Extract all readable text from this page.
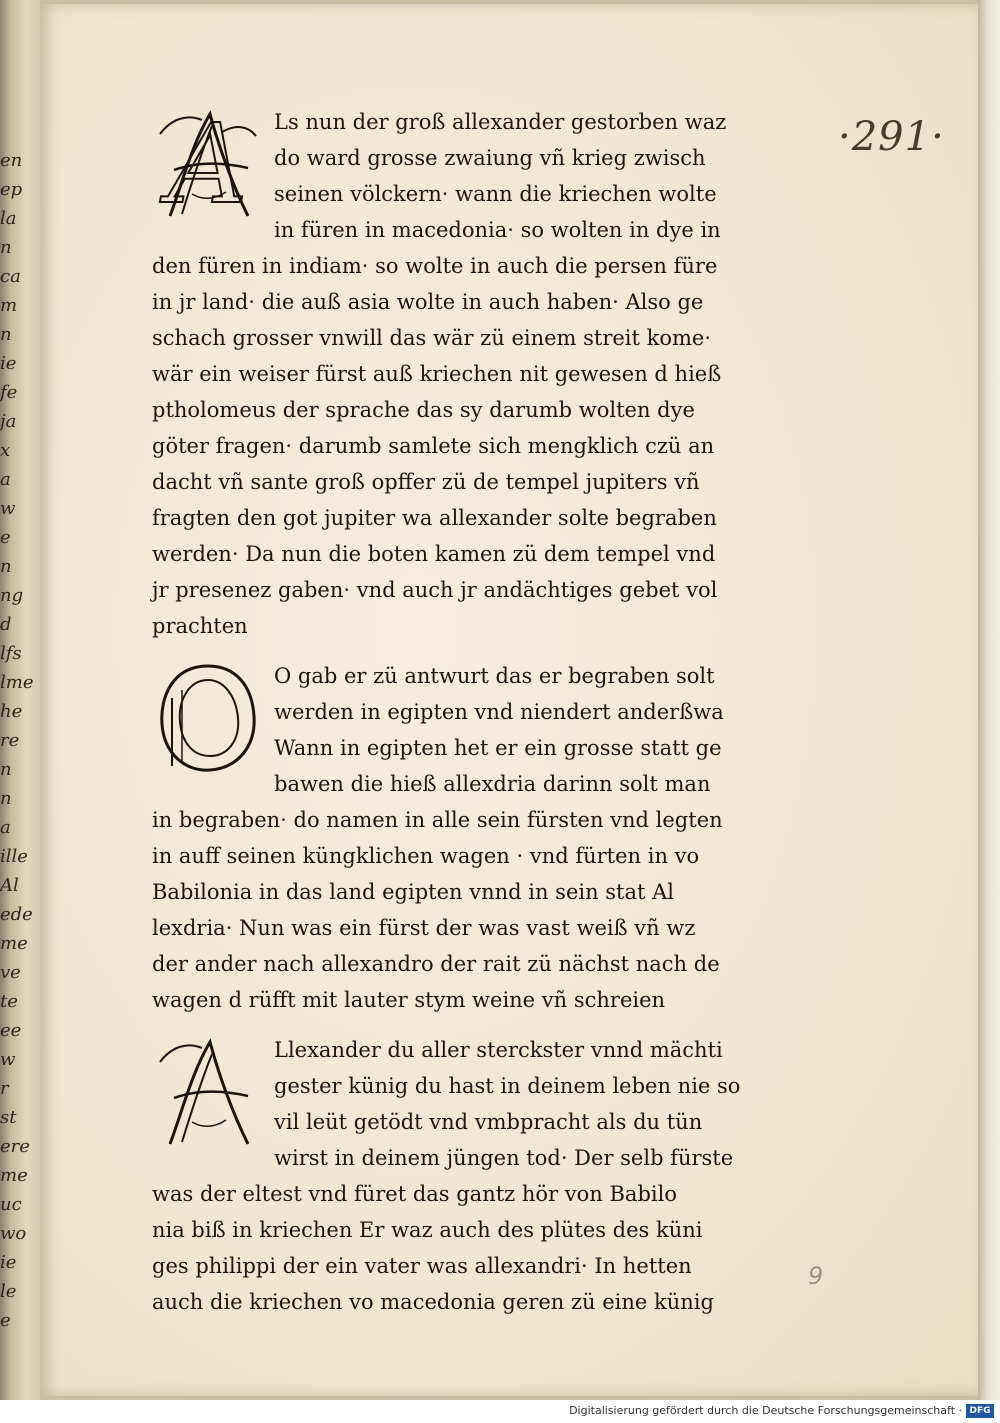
en
ep
la
n
ca
m
n
ie
fe
ja
x
a
w
e
n
ng
d
lfs
lme
he
re
n
n
a
ille
Al
ede
me
ve
te
ee
w
r
st
ere
me
uc
wo
ie
le
e
·291·
A	Ls nun der groß allexander gestorben waz
do ward grosse zwaiung vñ krieg zwisch
seinen völckern· wann die kriechen wolte
in füren in macedonia· so wolten in dye in
den füren in indiam· so wolte in auch die persen füre
in jr land· die auß asia wolte in auch haben· Also ge
schach grosser vnwill das wär zü einem streit kome·
wär ein weiser fürst auß kriechen nit gewesen d hieß
ptholomeus der sprache das sy darumb wolten dye
göter fragen· darumb samlete sich mengklich czü an
dacht vñ sante groß opffer zü de tempel jupiters vñ
fragten den got jupiter wa allexander solte begraben
werden· Da nun die boten kamen zü dem tempel vnd
jr presenez gaben· vnd auch jr andächtiges gebet vol
prachten
O gab er zü antwurt das er begraben solt
werden in egipten vnd niendert anderßwa
Wann in egipten het er ein grosse statt ge
bawen die hieß allexdria darinn solt man
in begraben· do namen in alle sein fürsten vnd legten
in auff seinen küngklichen wagen · vnd fürten in vo
Babilonia in das land egipten vnnd in sein stat Al
lexdria· Nun was ein fürst der was vast weiß vñ wz
der ander nach allexandro der rait zü nächst nach de
wagen d rüfft mit lauter stym weine vñ schreien
Llexander du aller sterckster vnnd mächti
gester künig du hast in deinem leben nie so
vil leüt getödt vnd vmbpracht als du tün
wirst in deinem jüngen tod· Der selb fürste
was der eltest vnd füret das gantz hör von Babilo
nia biß in kriechen Er waz auch des plütes des küni
ges philippi der ein vater was allexandri· In hetten
auch die kriechen vo macedonia geren zü eine künig
9
Digitalisierung gefördert durch die Deutsche Forschungsgemeinschaft · DFG
